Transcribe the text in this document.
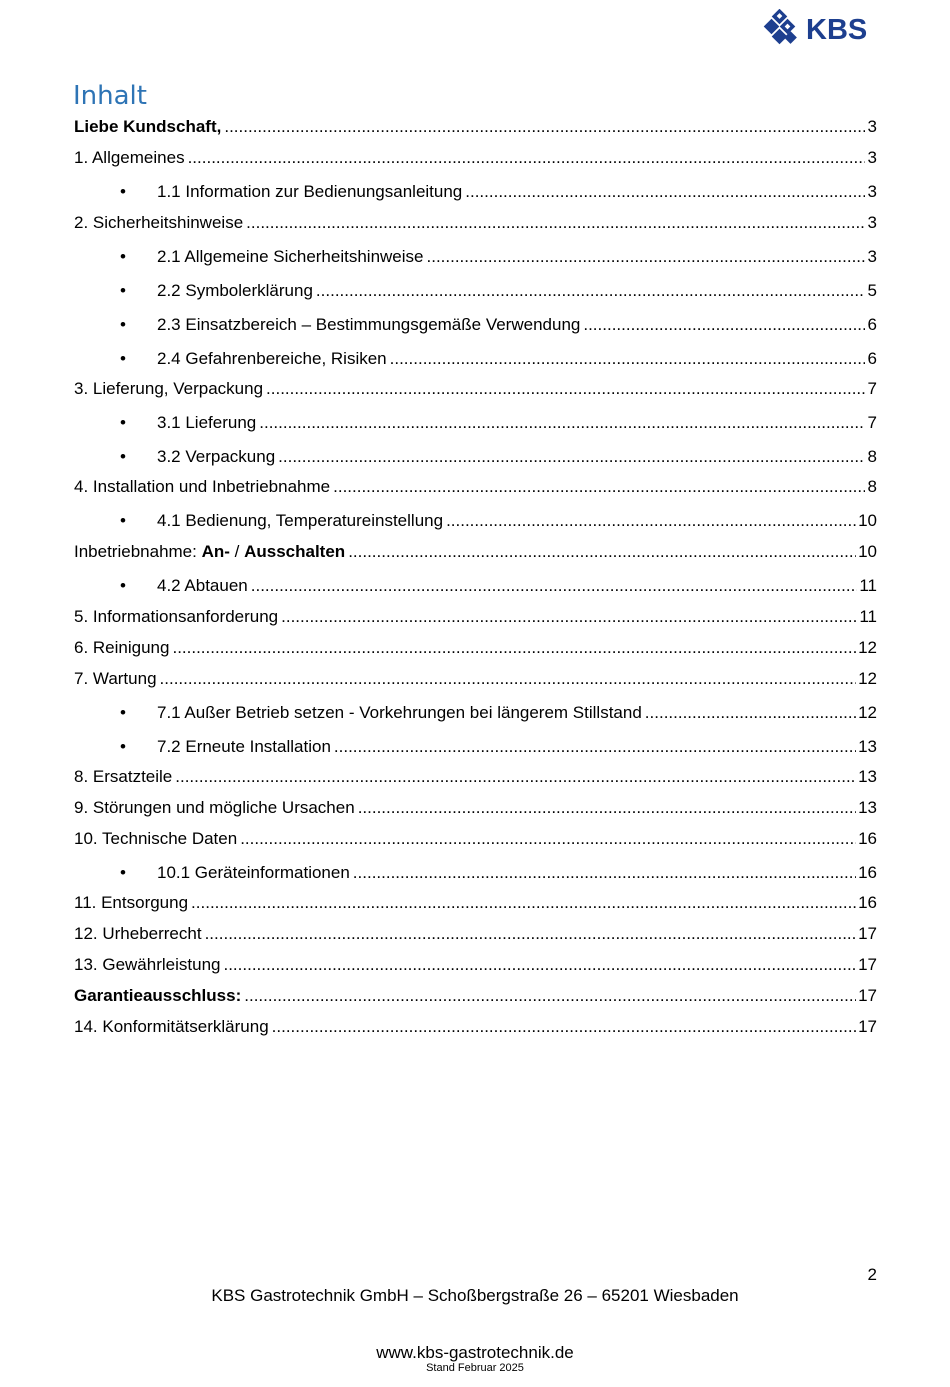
KBS
Inhalt
Liebe Kundschaft, .....	3
1. Allgemeines .....	3
• 1.1 Information zur Bedienungsanleitung .....	3
2. Sicherheitshinweise .....	3
• 2.1 Allgemeine Sicherheitshinweise .....	3
• 2.2 Symbolerklärung .....	5
• 2.3 Einsatzbereich – Bestimmungsgemäße Verwendung .....	6
• 2.4 Gefahrenbereiche, Risiken .....	6
3. Lieferung, Verpackung .....	7
• 3.1 Lieferung .....	7
• 3.2 Verpackung .....	8
4. Installation und Inbetriebnahme .....	8
• 4.1 Bedienung, Temperatureinstellung .....	10
Inbetriebnahme: An- / Ausschalten .....	10
• 4.2 Abtauen .....	11
5. Informationsanforderung .....	11
6. Reinigung .....	12
7. Wartung .....	12
• 7.1 Außer Betrieb setzen - Vorkehrungen bei längerem Stillstand .....	12
• 7.2 Erneute Installation .....	13
8. Ersatzteile .....	13
9. Störungen und mögliche Ursachen .....	13
10. Technische Daten .....	16
• 10.1 Geräteinformationen .....	16
11. Entsorgung .....	16
12. Urheberrecht .....	17
13. Gewährleistung .....	17
Garantieausschluss: .....	17
14. Konformitätserklärung .....	17
2
KBS Gastrotechnik GmbH – Schoßbergstraße 26 – 65201 Wiesbaden
www.kbs-gastrotechnik.de
Stand Februar 2025
